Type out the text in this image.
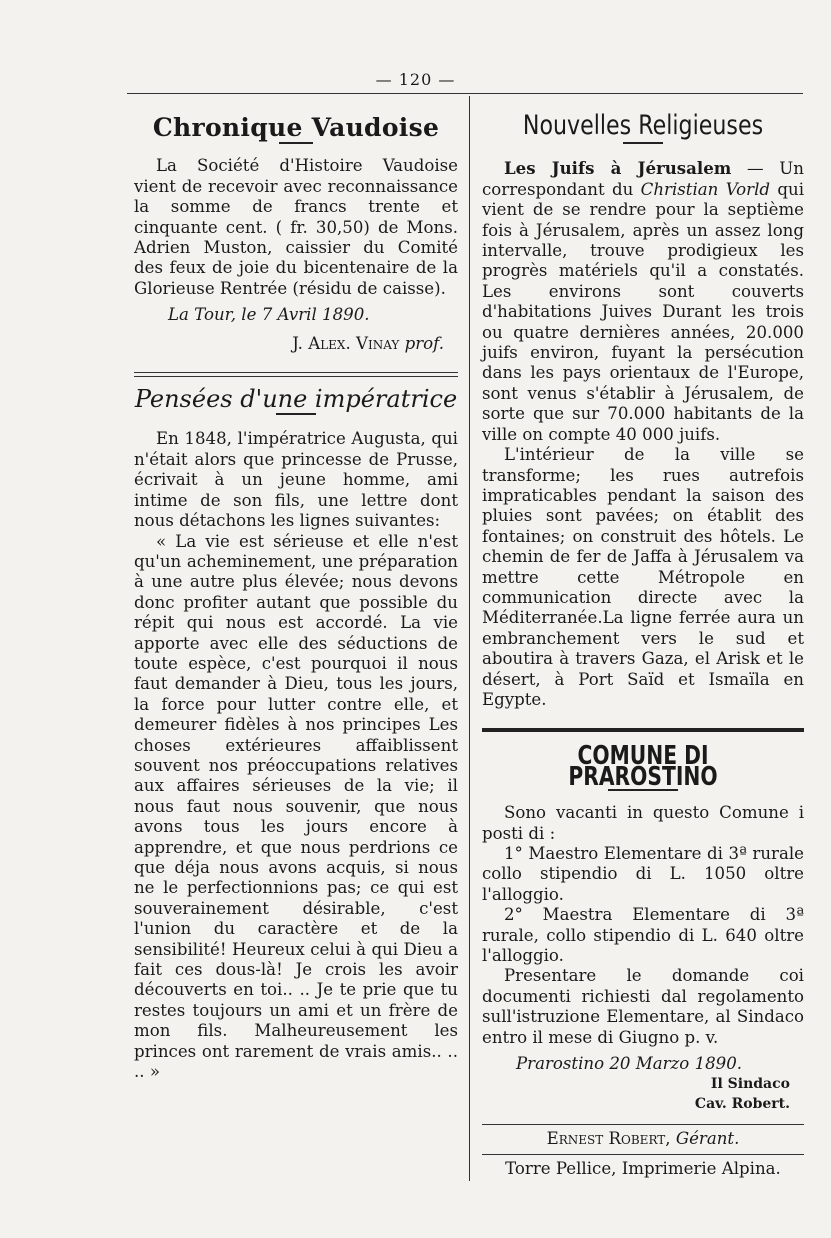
— 120 —
Chronique Vaudoise

La Société d'Histoire Vaudoise vient de recevoir avec reconnaissance la somme de francs trente et cinquante cent. ( fr. 30,50) de Mons. Adrien Muston, caissier du Comité des feux de joie du bicentenaire de la Glorieuse Rentrée (résidu de caisse).

La Tour, le 7 Avril 1890.

J. Alex. Vinay prof.

Pensées d'une impératrice

En 1848, l'impératrice Augusta, qui n'était alors que princesse de Prusse, écrivait à un jeune homme, ami intime de son fils, une lettre dont nous détachons les lignes suivantes:

« La vie est sérieuse et elle n'est qu'un acheminement, une préparation à une autre plus élevée; nous devons donc profiter autant que possible du répit qui nous est accordé. La vie apporte avec elle des séductions de toute espèce, c'est pourquoi il nous faut demander à Dieu, tous les jours, la force pour lutter contre elle, et demeurer fidèles à nos principes Les choses extérieures affaiblissent souvent nos préoccupations relatives aux affaires sérieuses de la vie; il nous faut nous souvenir, que nous avons tous les jours encore à apprendre, et que nous perdrions ce que déja nous avons acquis, si nous ne le perfectionnions pas; ce qui est souverainement désirable, c'est l'union du caractère et de la sensibilité! Heureux celui à qui Dieu a fait ces dous-là! Je crois les avoir découverts en toi.. .. Je te prie que tu restes toujours un ami et un frère de mon fils. Malheureusement les princes ont rarement de vrais amis.. .. .. »

Nouvelles Religieuses

Les Juifs à Jérusalem — Un correspondant du Christian Vorld qui vient de se rendre pour la septième fois à Jérusalem, après un assez long intervalle, trouve prodigieux les progrès matériels qu'il a constatés. Les environs sont couverts d'habitations Juives Durant les trois ou quatre dernières années, 20.000 juifs environ, fuyant la persécution dans les pays orientaux de l'Europe, sont venus s'établir à Jérusalem, de sorte que sur 70.000 habitants de la ville on compte 40 000 juifs.

L'intérieur de la ville se transforme; les rues autrefois impraticables pendant la saison des pluies sont pavées; on établit des fontaines; on construit des hôtels. Le chemin de fer de Jaffa à Jérusalem va mettre cette Métropole en communication directe avec la Méditerranée.La ligne ferrée aura un embranchement vers le sud et aboutira à travers Gaza, el Arisk et le désert, à Port Saïd et Ismaïla en Egypte.

COMUNE DI PRAROSTINO

Sono vacanti in questo Comune i posti di :

1° Maestro Elementare di 3ª rurale collo stipendio di L. 1050 oltre l'alloggio.

2° Maestra Elementare di 3ª rurale, collo stipendio di L. 640 oltre l'alloggio.

Presentare le domande coi documenti richiesti dal regolamento sull'istruzione Elementare, al Sindaco entro il mese di Giugno p. v.

Prarostino 20 Marzo 1890.

Il Sindaco
Cav. Robert.

Ernest Robert, Gérant.

Torre Pellice, Imprimerie Alpina.
